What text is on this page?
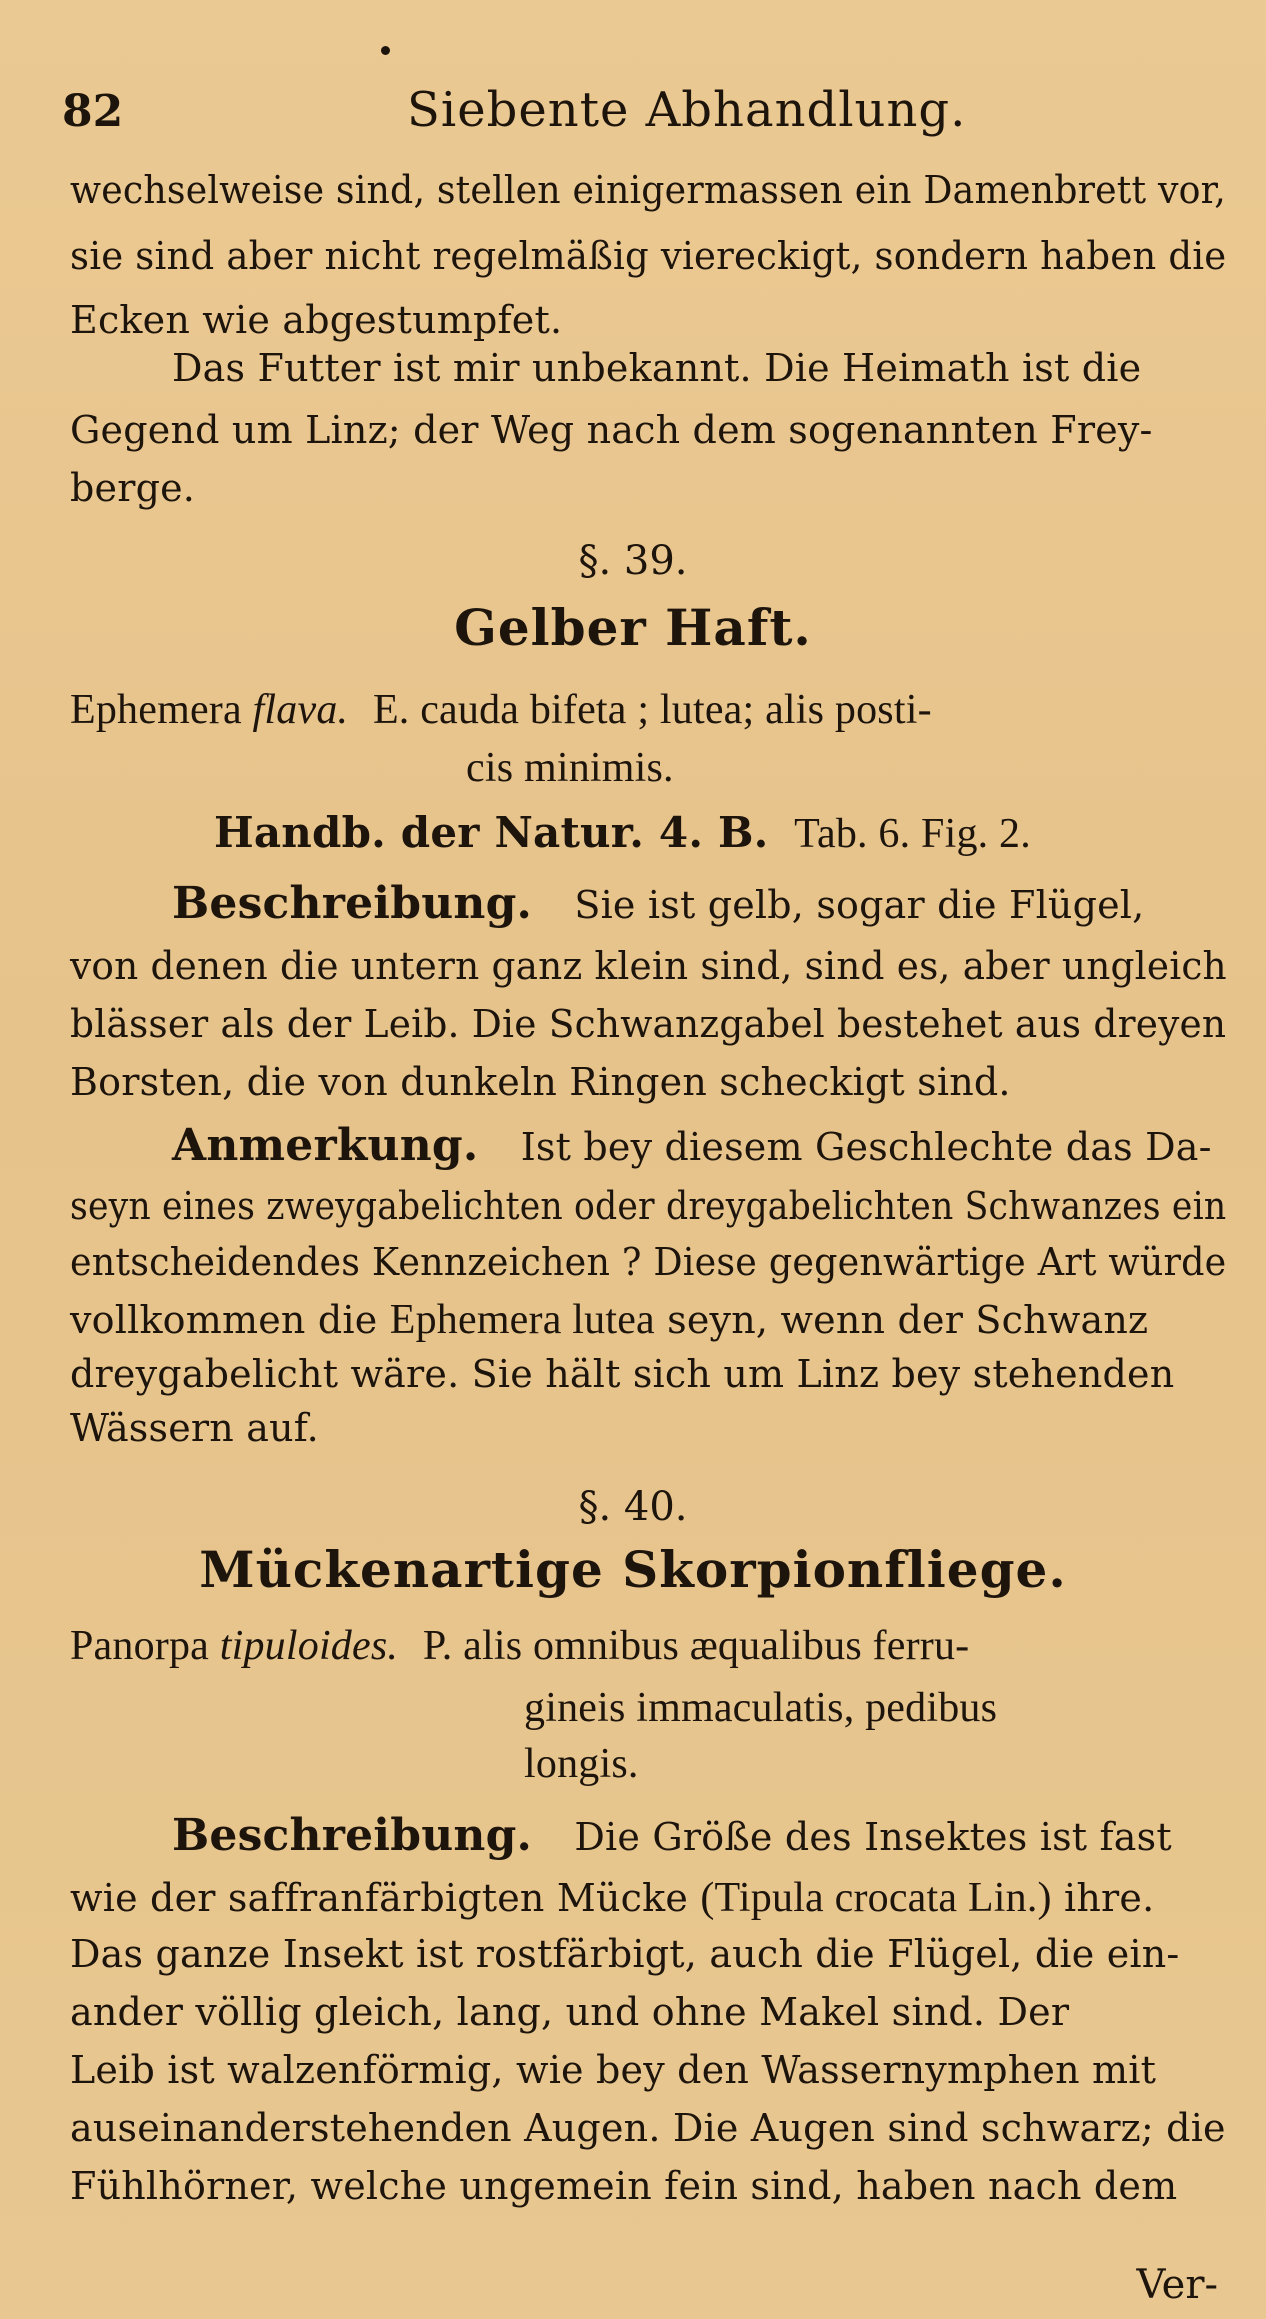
82	Siebente Abhandlung.
wechselweise sind, stellen einigermassen ein Damenbrett vor,
sie sind aber nicht regelmäßig viereckigt, sondern haben die
Ecken wie abgestumpfet.
Das Futter ist mir unbekannt. Die Heimath ist die
Gegend um Linz; der Weg nach dem sogenannten Frey-
berge.
§. 39.
Gelber Haft.
Ephemera flava. E. cauda bifeta ; lutea; alis posti-
cis minimis.
Handb. der Natur. 4. B. Tab. 6. Fig. 2.
Beschreibung. Sie ist gelb, sogar die Flügel,
von denen die untern ganz klein sind, sind es, aber ungleich
blässer als der Leib. Die Schwanzgabel bestehet aus dreyen
Borsten, die von dunkeln Ringen scheckigt sind.
Anmerkung. Ist bey diesem Geschlechte das Da-
seyn eines zweygabelichten oder dreygabelichten Schwanzes ein
entscheidendes Kennzeichen ? Diese gegenwärtige Art würde
vollkommen die Ephemera lutea seyn, wenn der Schwanz
dreygabelicht wäre. Sie hält sich um Linz bey stehenden
Wässern auf.
§. 40.
Mückenartige Skorpionfliege.
Panorpa tipuloides. P. alis omnibus æqualibus ferru-
gineis immaculatis, pedibus
longis.
Beschreibung. Die Größe des Insektes ist fast
wie der saffranfärbigten Mücke (Tipula crocata Lin.) ihre.
Das ganze Insekt ist rostfärbigt, auch die Flügel, die ein-
ander völlig gleich, lang, und ohne Makel sind. Der
Leib ist walzenförmig, wie bey den Wassernymphen mit
auseinanderstehenden Augen. Die Augen sind schwarz; die
Fühlhörner, welche ungemein fein sind, haben nach dem
Ver-
